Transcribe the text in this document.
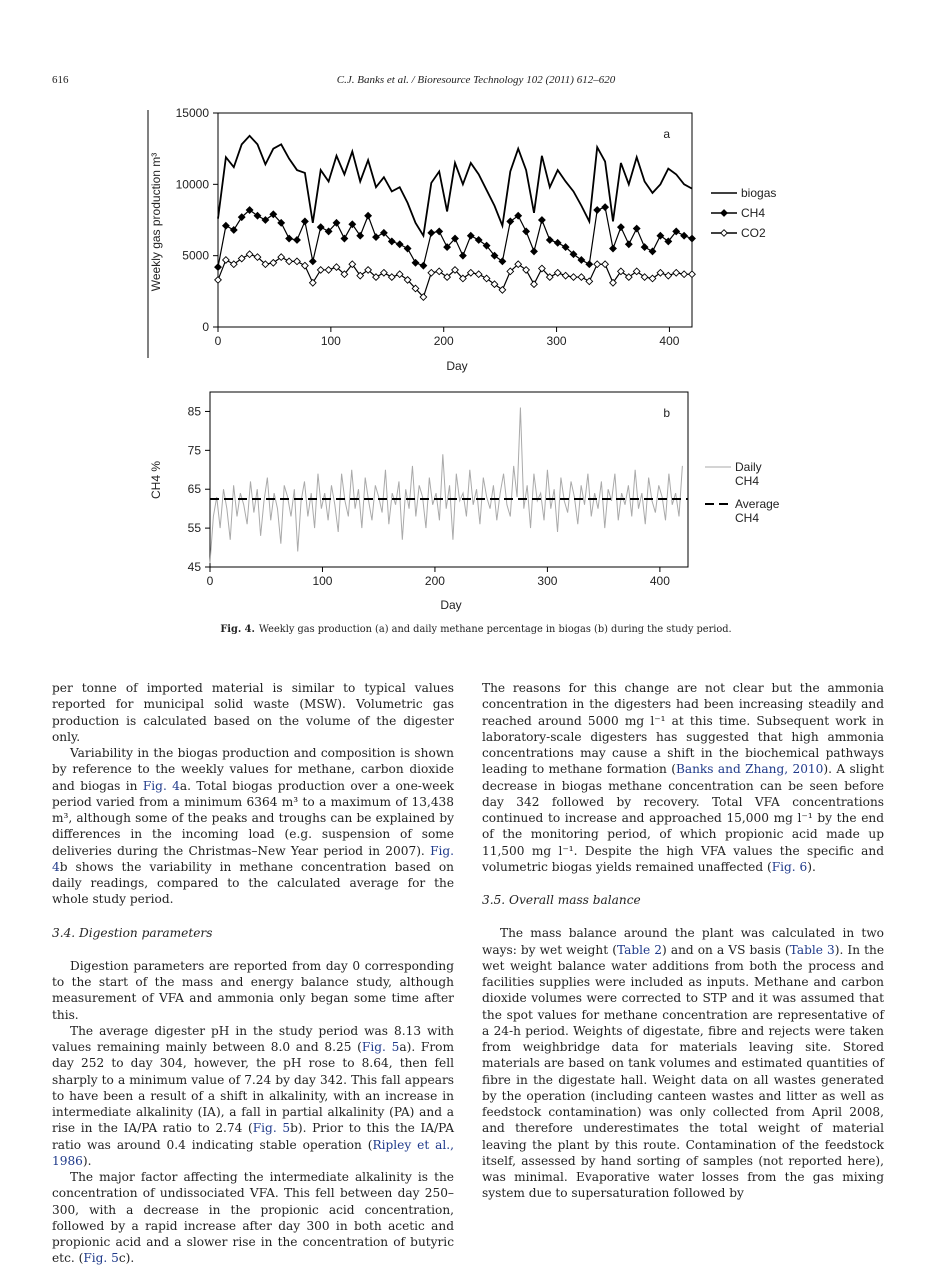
616	C.J. Banks et al. / Bioresource Technology 102 (2011) 612–620
0
5000
10000
15000
0	100	200	300	400
a
Day
Weekly gas production m³	biogas
CH4
CO2
45
55
65
75
85
0	100	200	300	400
b
Day
CH4 %	Daily
CH4
Average
CH4
Fig. 4. Weekly gas production (a) and daily methane percentage in biogas (b) during the study period.

per tonne of imported material is similar to typical values reported for municipal solid waste (MSW). Volumetric gas production is calculated based on the volume of the digester only.

Variability in the biogas production and composition is shown by reference to the weekly values for methane, carbon dioxide and biogas in Fig. 4a. Total biogas production over a one-week period varied from a minimum 6364 m³ to a maximum of 13,438 m³, although some of the peaks and troughs can be explained by differences in the incoming load (e.g. suspension of some deliveries during the Christmas–New Year period in 2007). Fig. 4b shows the variability in methane concentration based on daily readings, compared to the calculated average for the whole study period.

3.4. Digestion parameters

Digestion parameters are reported from day 0 corresponding to the start of the mass and energy balance study, although measurement of VFA and ammonia only began some time after this.

The average digester pH in the study period was 8.13 with values remaining mainly between 8.0 and 8.25 (Fig. 5a). From day 252 to day 304, however, the pH rose to 8.64, then fell sharply to a minimum value of 7.24 by day 342. This fall appears to have been a result of a shift in alkalinity, with an increase in intermediate alkalinity (IA), a fall in partial alkalinity (PA) and a rise in the IA/PA ratio to 2.74 (Fig. 5b). Prior to this the IA/PA ratio was around 0.4 indicating stable operation (Ripley et al., 1986).

The major factor affecting the intermediate alkalinity is the concentration of undissociated VFA. This fell between day 250–300, with a decrease in the propionic acid concentration, followed by a rapid increase after day 300 in both acetic and propionic acid and a slower rise in the concentration of butyric etc. (Fig. 5c).

The reasons for this change are not clear but the ammonia concentration in the digesters had been increasing steadily and reached around 5000 mg l⁻¹ at this time. Subsequent work in laboratory-scale digesters has suggested that high ammonia concentrations may cause a shift in the biochemical pathways leading to methane formation (Banks and Zhang, 2010). A slight decrease in biogas methane concentration can be seen before day 342 followed by recovery. Total VFA concentrations continued to increase and approached 15,000 mg l⁻¹ by the end of the monitoring period, of which propionic acid made up 11,500 mg l⁻¹. Despite the high VFA values the specific and volumetric biogas yields remained unaffected (Fig. 6).

3.5. Overall mass balance

The mass balance around the plant was calculated in two ways: by wet weight (Table 2) and on a VS basis (Table 3). In the wet weight balance water additions from both the process and facilities supplies were included as inputs. Methane and carbon dioxide volumes were corrected to STP and it was assumed that the spot values for methane concentration are representative of a 24-h period. Weights of digestate, fibre and rejects were taken from weighbridge data for materials leaving site. Stored materials are based on tank volumes and estimated quantities of fibre in the digestate hall. Weight data on all wastes generated by the operation (including canteen wastes and litter as well as feedstock contamination) was only collected from April 2008, and therefore underestimates the total weight of material leaving the plant by this route. Contamination of the feedstock itself, assessed by hand sorting of samples (not reported here), was minimal. Evaporative water losses from the gas mixing system due to supersaturation followed by
